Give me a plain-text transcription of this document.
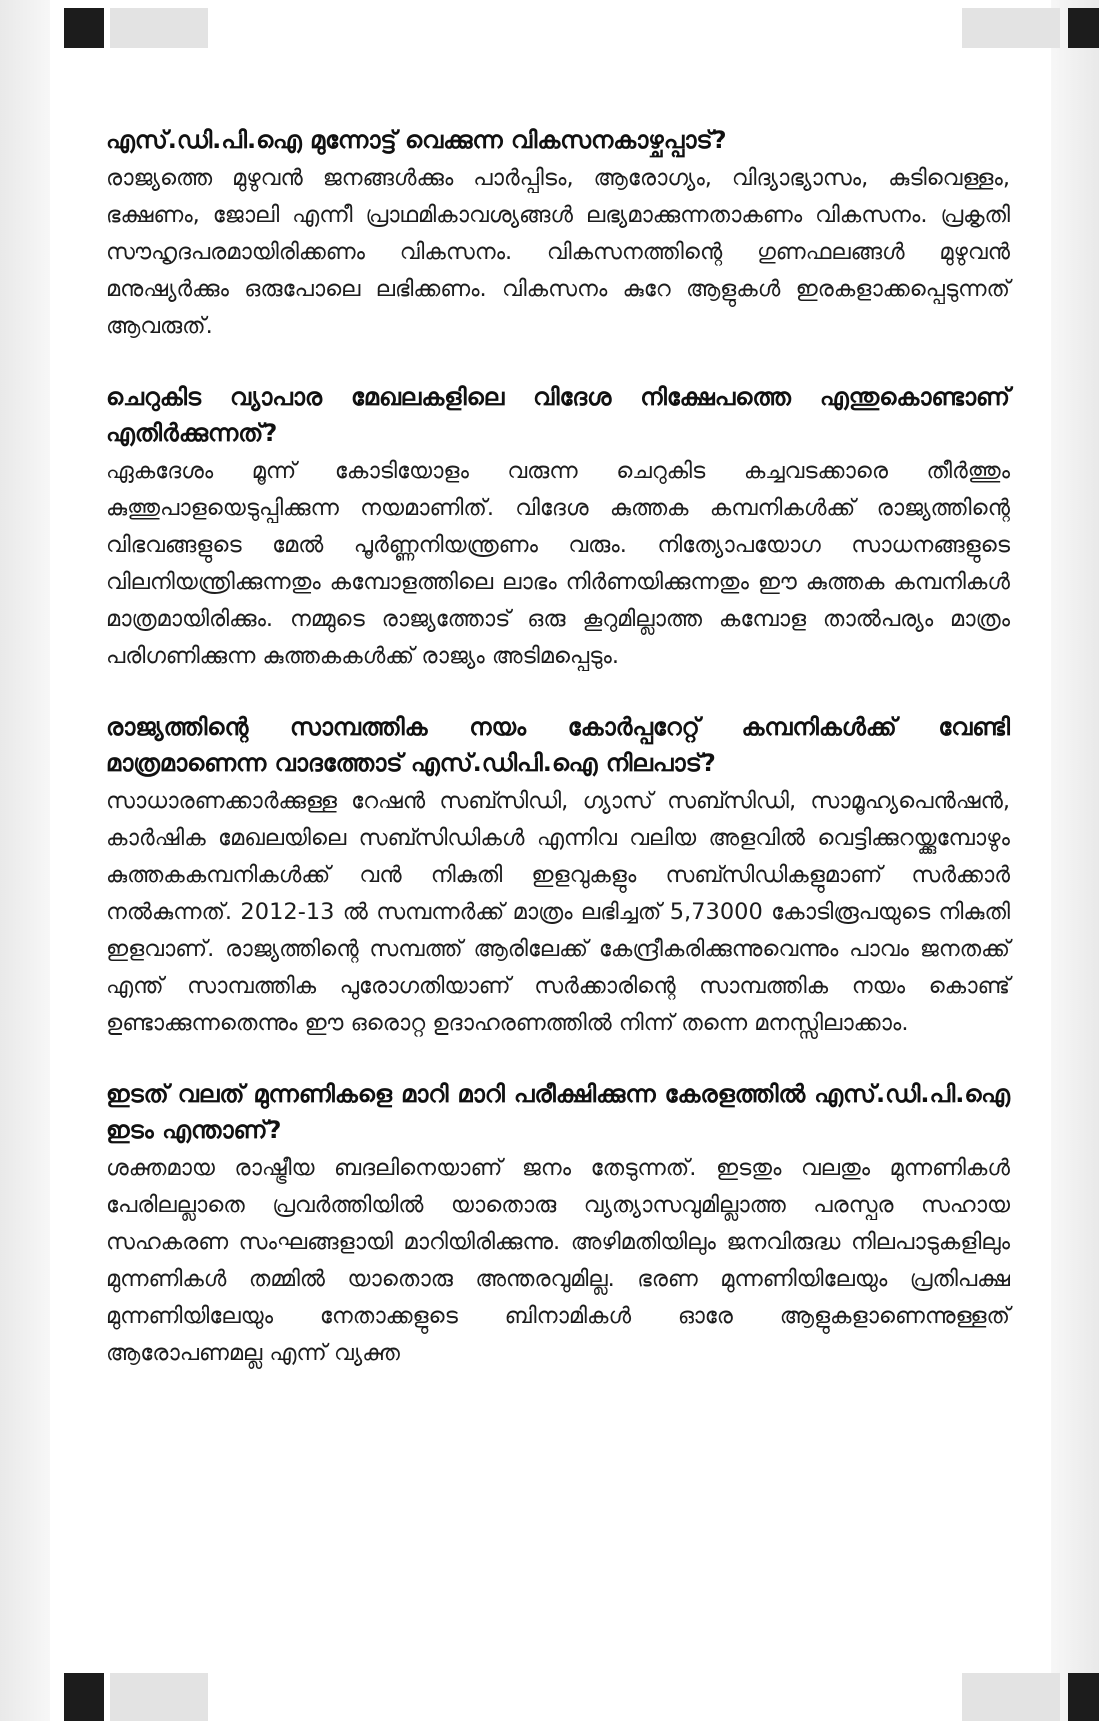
എസ്.ഡി.പി.ഐ മുന്നോട്ട് വെക്കുന്ന വികസനകാഴ്ചപ്പാട്?

രാജ്യത്തെ മുഴുവൻ ജനങ്ങൾക്കും പാർപ്പിടം, ആരോഗ്യം, വിദ്യാഭ്യാസം, കുടിവെള്ളം, ഭക്ഷണം, ജോലി എന്നീ പ്രാഥമികാവശ്യങ്ങൾ ലഭ്യമാക്കുന്നതാകണം വികസനം. പ്രകൃതി സൗഹൃദപരമായിരിക്കണം വികസനം. വികസനത്തിന്റെ ഗുണഫലങ്ങൾ മുഴുവൻ മനുഷ്യർക്കും ഒരുപോലെ ലഭിക്കണം. വികസനം കുറേ ആളുകൾ ഇരകളാക്കപ്പെടുന്നത് ആവരുത്.

ചെറുകിട വ്യാപാര മേഖലകളിലെ വിദേശ നിക്ഷേപത്തെ എന്തുകൊണ്ടാണ് എതിർക്കുന്നത്?

ഏകദേശം മൂന്ന് കോടിയോളം വരുന്ന ചെറുകിട കച്ചവടക്കാരെ തീർത്തും കുത്തുപാളയെടുപ്പിക്കുന്ന നയമാണിത്. വിദേശ കുത്തക കമ്പനികൾക്ക് രാജ്യത്തിന്റെ വിഭവങ്ങളുടെ മേൽ പൂർണ്ണനിയന്ത്രണം വരും. നിത്യോപയോഗ സാധനങ്ങളുടെ വിലനിയന്ത്രിക്കുന്നതും കമ്പോളത്തിലെ ലാഭം നിർണയിക്കുന്നതും ഈ കുത്തക കമ്പനികൾ മാത്രമായിരിക്കും. നമ്മുടെ രാജ്യത്തോട് ഒരു കൂറുമില്ലാത്ത കമ്പോള താൽപര്യം മാത്രം പരിഗണിക്കുന്ന കുത്തകകൾക്ക് രാജ്യം അടിമപ്പെടും.

രാജ്യത്തിന്റെ സാമ്പത്തിക നയം കോർപ്പറേറ്റ് കമ്പനികൾക്ക് വേണ്ടി മാത്രമാണെന്ന വാദത്തോട് എസ്.ഡിപി.ഐ നിലപാട്?

സാധാരണക്കാർക്കുള്ള റേഷൻ സബ്സിഡി, ഗ്യാസ് സബ്സിഡി, സാമൂഹ്യപെൻഷൻ, കാർഷിക മേഖലയിലെ സബ്സിഡികൾ എന്നിവ വലിയ അളവിൽ വെട്ടിക്കുറയ്ക്കുമ്പോഴും കുത്തകകമ്പനികൾക്ക് വൻ നികുതി ഇളവുകളും സബ്സിഡികളുമാണ് സർക്കാർ നൽകുന്നത്. 2012-13 ൽ സമ്പന്നർക്ക് മാത്രം ലഭിച്ചത് 5,73000 കോടിരൂപയുടെ നികുതി ഇളവാണ്. രാജ്യത്തിന്റെ സമ്പത്ത് ആരിലേക്ക് കേന്ദ്രീകരിക്കുന്നുവെന്നും പാവം ജനതക്ക് എന്ത് സാമ്പത്തിക പുരോഗതിയാണ് സർക്കാരിന്റെ സാമ്പത്തിക നയം കൊണ്ട് ഉണ്ടാക്കുന്നതെന്നും ഈ ഒരൊറ്റ ഉദാഹരണത്തിൽ നിന്ന് തന്നെ മനസ്സിലാക്കാം.

ഇടത് വലത് മുന്നണികളെ മാറി മാറി പരീക്ഷിക്കുന്ന കേരളത്തിൽ എസ്.ഡി.പി.ഐ ഇടം എന്താണ്?

ശക്തമായ രാഷ്ട്രീയ ബദലിനെയാണ് ജനം തേടുന്നത്. ഇടതും വലതും മുന്നണികൾ പേരിലല്ലാതെ പ്രവർത്തിയിൽ യാതൊരു വ്യത്യാസവുമില്ലാത്ത പരസ്പര സഹായ സഹകരണ സംഘങ്ങളായി മാറിയിരിക്കുന്നു. അഴിമതിയിലും ജനവിരുദ്ധ നിലപാടുകളിലും മുന്നണികൾ തമ്മിൽ യാതൊരു അന്തരവുമില്ല. ഭരണ മുന്നണിയിലേയും പ്രതിപക്ഷ മുന്നണിയിലേയും നേതാക്കളുടെ ബിനാമികൾ ഓരേ ആളുകളാണെന്നുള്ളത് ആരോപണമല്ല എന്ന് വ്യക്ത
